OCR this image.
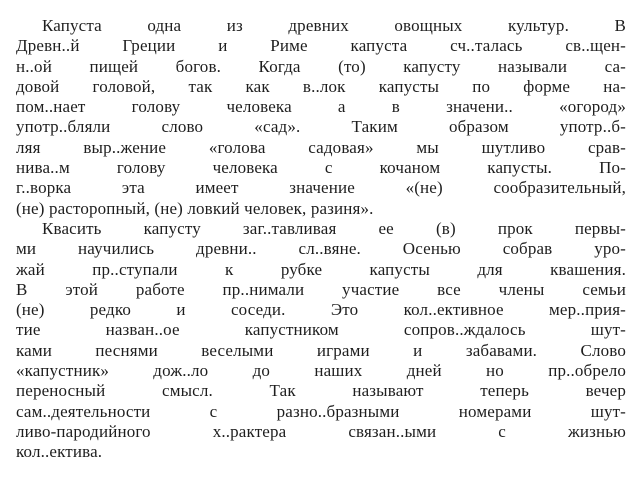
Капуста одна из древних овощных культур. В
Древн..й Греции и Риме капуста сч..талась св..щен-
н..ой пищей богов. Когда (то) капусту называли са-
довой головой, так как в..лок капусты по форме на-
пом..нает голову человека а в значени.. «огород»
употр..бляли слово «сад». Таким образом употр..б-
ляя выр..жение «голова садовая» мы шутливо срав-
нива..м голову человека с кочаном капусты. По-
г..ворка эта имеет значение «(не) сообразительный,
(не) расторопный, (не) ловкий человек, разиня».
Квасить капусту заг..тавливая ее (в) прок первы-
ми научились древни.. сл..вяне. Осенью собрав уро-
жай пр..ступали к рубке капусты для квашения.
В этой работе пр..нимали участие все члены семьи
(не) редко и соседи. Это кол..ективное мер..прия-
тие назван..ое капустником сопров..ждалось шут-
ками песнями веселыми играми и забавами. Слово
«капустник» дож..ло до наших дней но пр..обрело
переносный смысл. Так называют теперь вечер
сам..деятельности с разно..бразными номерами шут-
ливо-пародийного х..рактера связан..ыми с жизнью
кол..ектива.
